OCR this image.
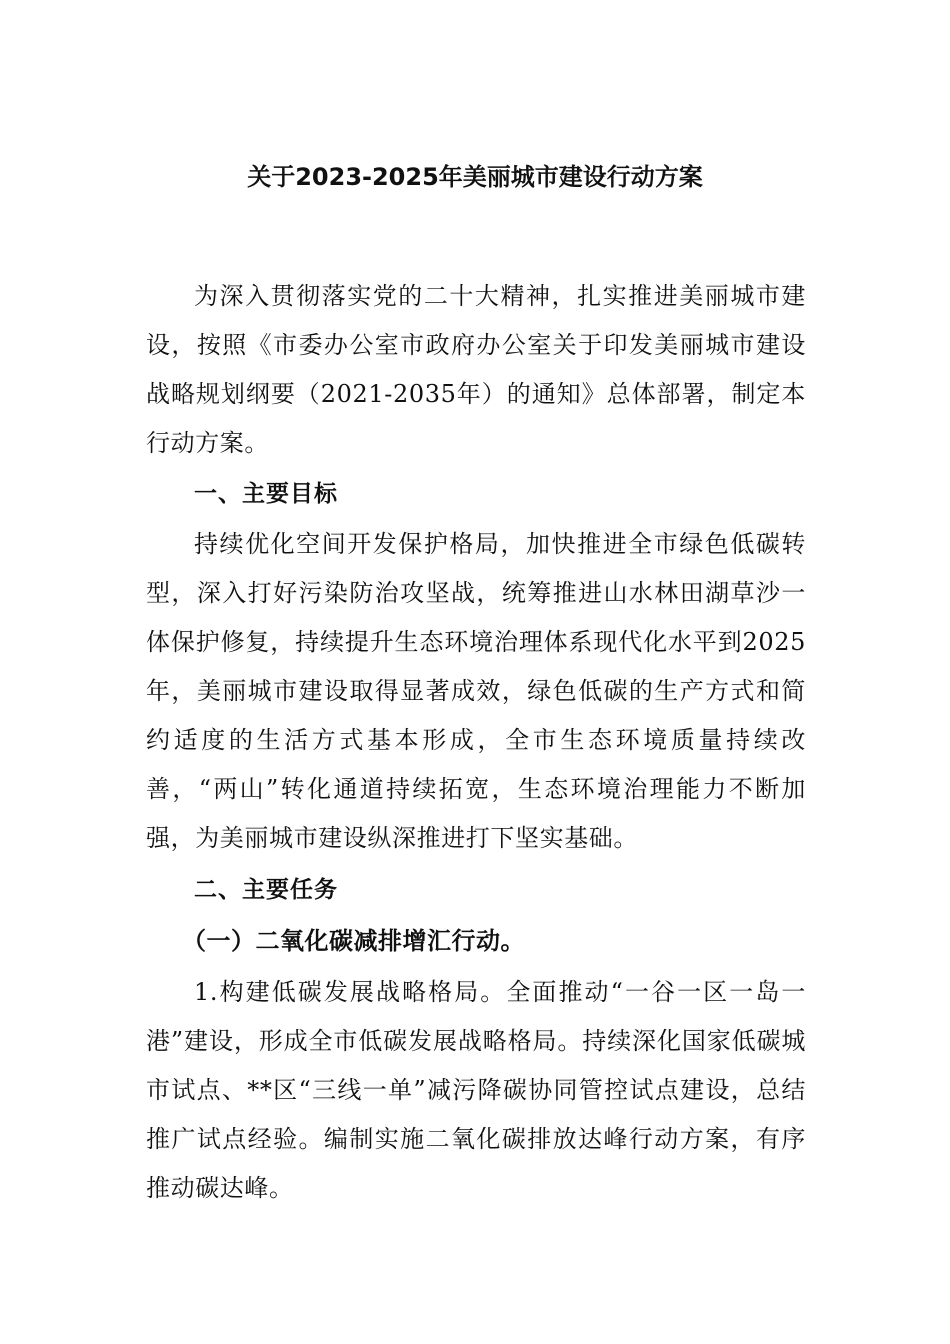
关于2023-2025年美丽城市建设行动方案

为深入贯彻落实党的二十大精神，扎实推进美丽城市建设，按照《市委办公室市政府办公室关于印发美丽城市建设战略规划纲要（2021-2035年）的通知》总体部署，制定本行动方案。

一、主要目标

持续优化空间开发保护格局，加快推进全市绿色低碳转型，深入打好污染防治攻坚战，统筹推进山水林田湖草沙一体保护修复，持续提升生态环境治理体系现代化水平到2025年，美丽城市建设取得显著成效，绿色低碳的生产方式和简约适度的生活方式基本形成，全市生态环境质量持续改善，“两山”转化通道持续拓宽，生态环境治理能力不断加强，为美丽城市建设纵深推进打下坚实基础。

二、主要任务
（一）二氧化碳减排增汇行动。

1.构建低碳发展战略格局。全面推动“一谷一区一岛一港”建设，形成全市低碳发展战略格局。持续深化国家低碳城市试点、**区“三线一单”减污降碳协同管控试点建设，总结推广试点经验。编制实施二氧化碳排放达峰行动方案，有序推动碳达峰。
